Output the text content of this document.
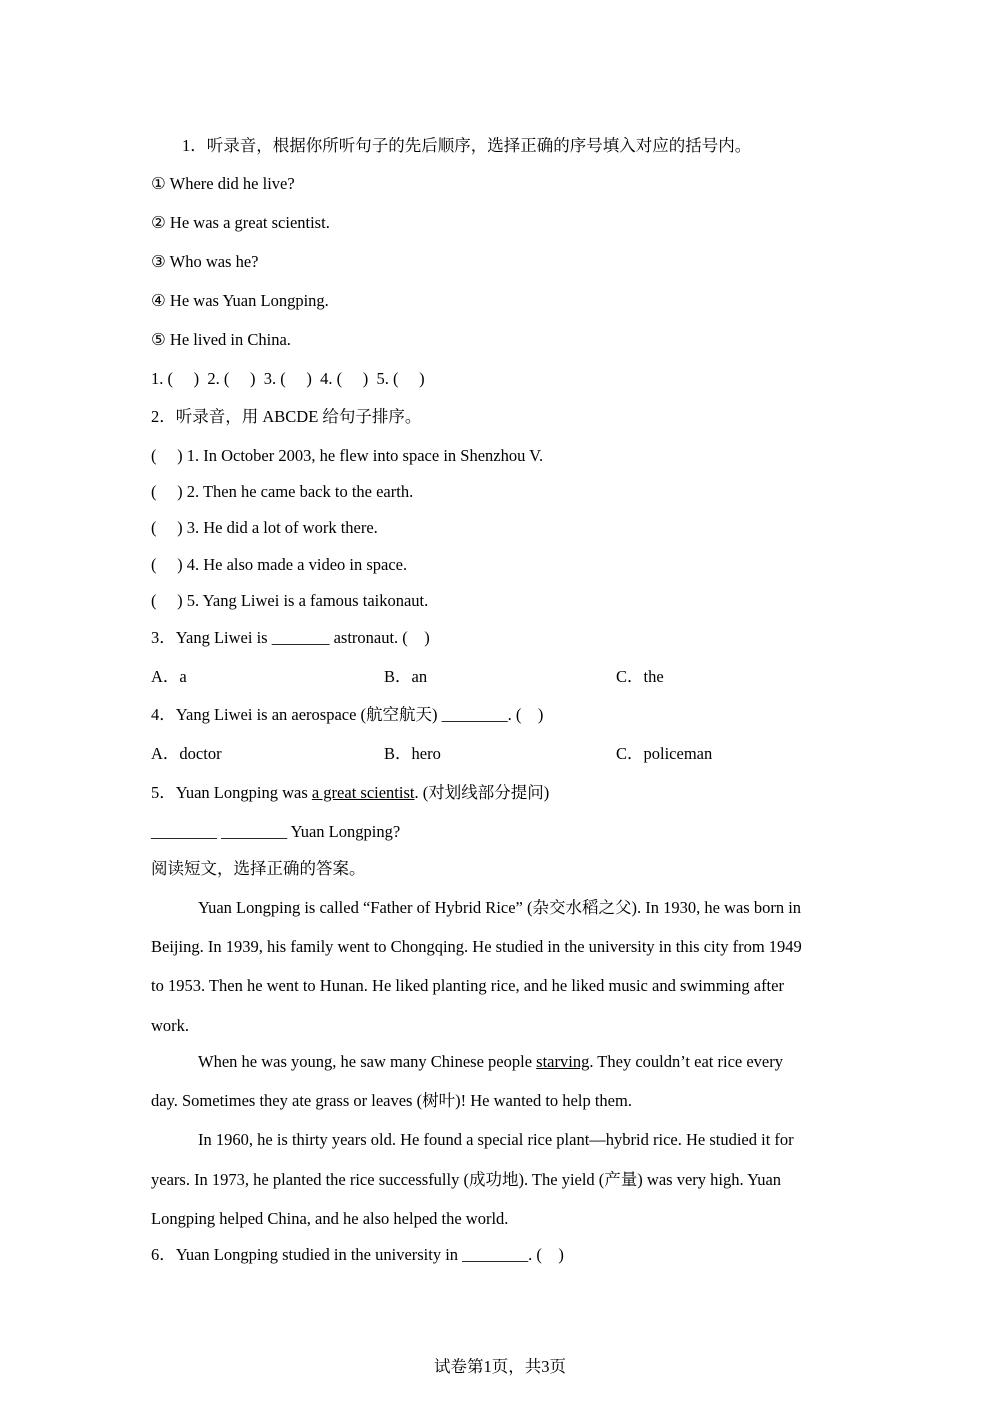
1．听录音，根据你所听句子的先后顺序，选择正确的序号填入对应的括号内。
① Where did he live?
② He was a great scientist.
③ Who was he?
④ He was Yuan Longping.
⑤ He lived in China.
1. (　 )  2. (　 )  3. (　 )  4. (　 )  5. (　 )
2．听录音，用 ABCDE 给句子排序。
(　 ) 1. In October 2003, he flew into space in Shenzhou V.
(　 ) 2. Then he came back to the earth.
(　 ) 3. He did a lot of work there.
(　 ) 4. He also made a video in space.
(　 ) 5. Yang Liwei is a famous taikonaut.
3．Yang Liwei is _______ astronaut. (　)
A．a	B．an	C．the
4．Yang Liwei is an aerospace (航空航天) ________. (　)
A．doctor	B．hero	C．policeman
5．Yuan Longping was a great scientist. (对划线部分提问)
________ ________ Yuan Longping?
阅读短文，选择正确的答案。
Yuan Longping is called “Father of Hybrid Rice” (杂交水稻之父). In 1930, he was born in
Beijing. In 1939, his family went to Chongqing. He studied in the university in this city from 1949
to 1953. Then he went to Hunan. He liked planting rice, and he liked music and swimming after
work.
When he was young, he saw many Chinese people starving. They couldn’t eat rice every
day. Sometimes they ate grass or leaves (树叶)! He wanted to help them.
In 1960, he is thirty years old. He found a special rice plant—hybrid rice. He studied it for
years. In 1973, he planted the rice successfully (成功地). The yield (产量) was very high. Yuan
Longping helped China, and he also helped the world.
6．Yuan Longping studied in the university in ________. (　)
试卷第1页，共3页
